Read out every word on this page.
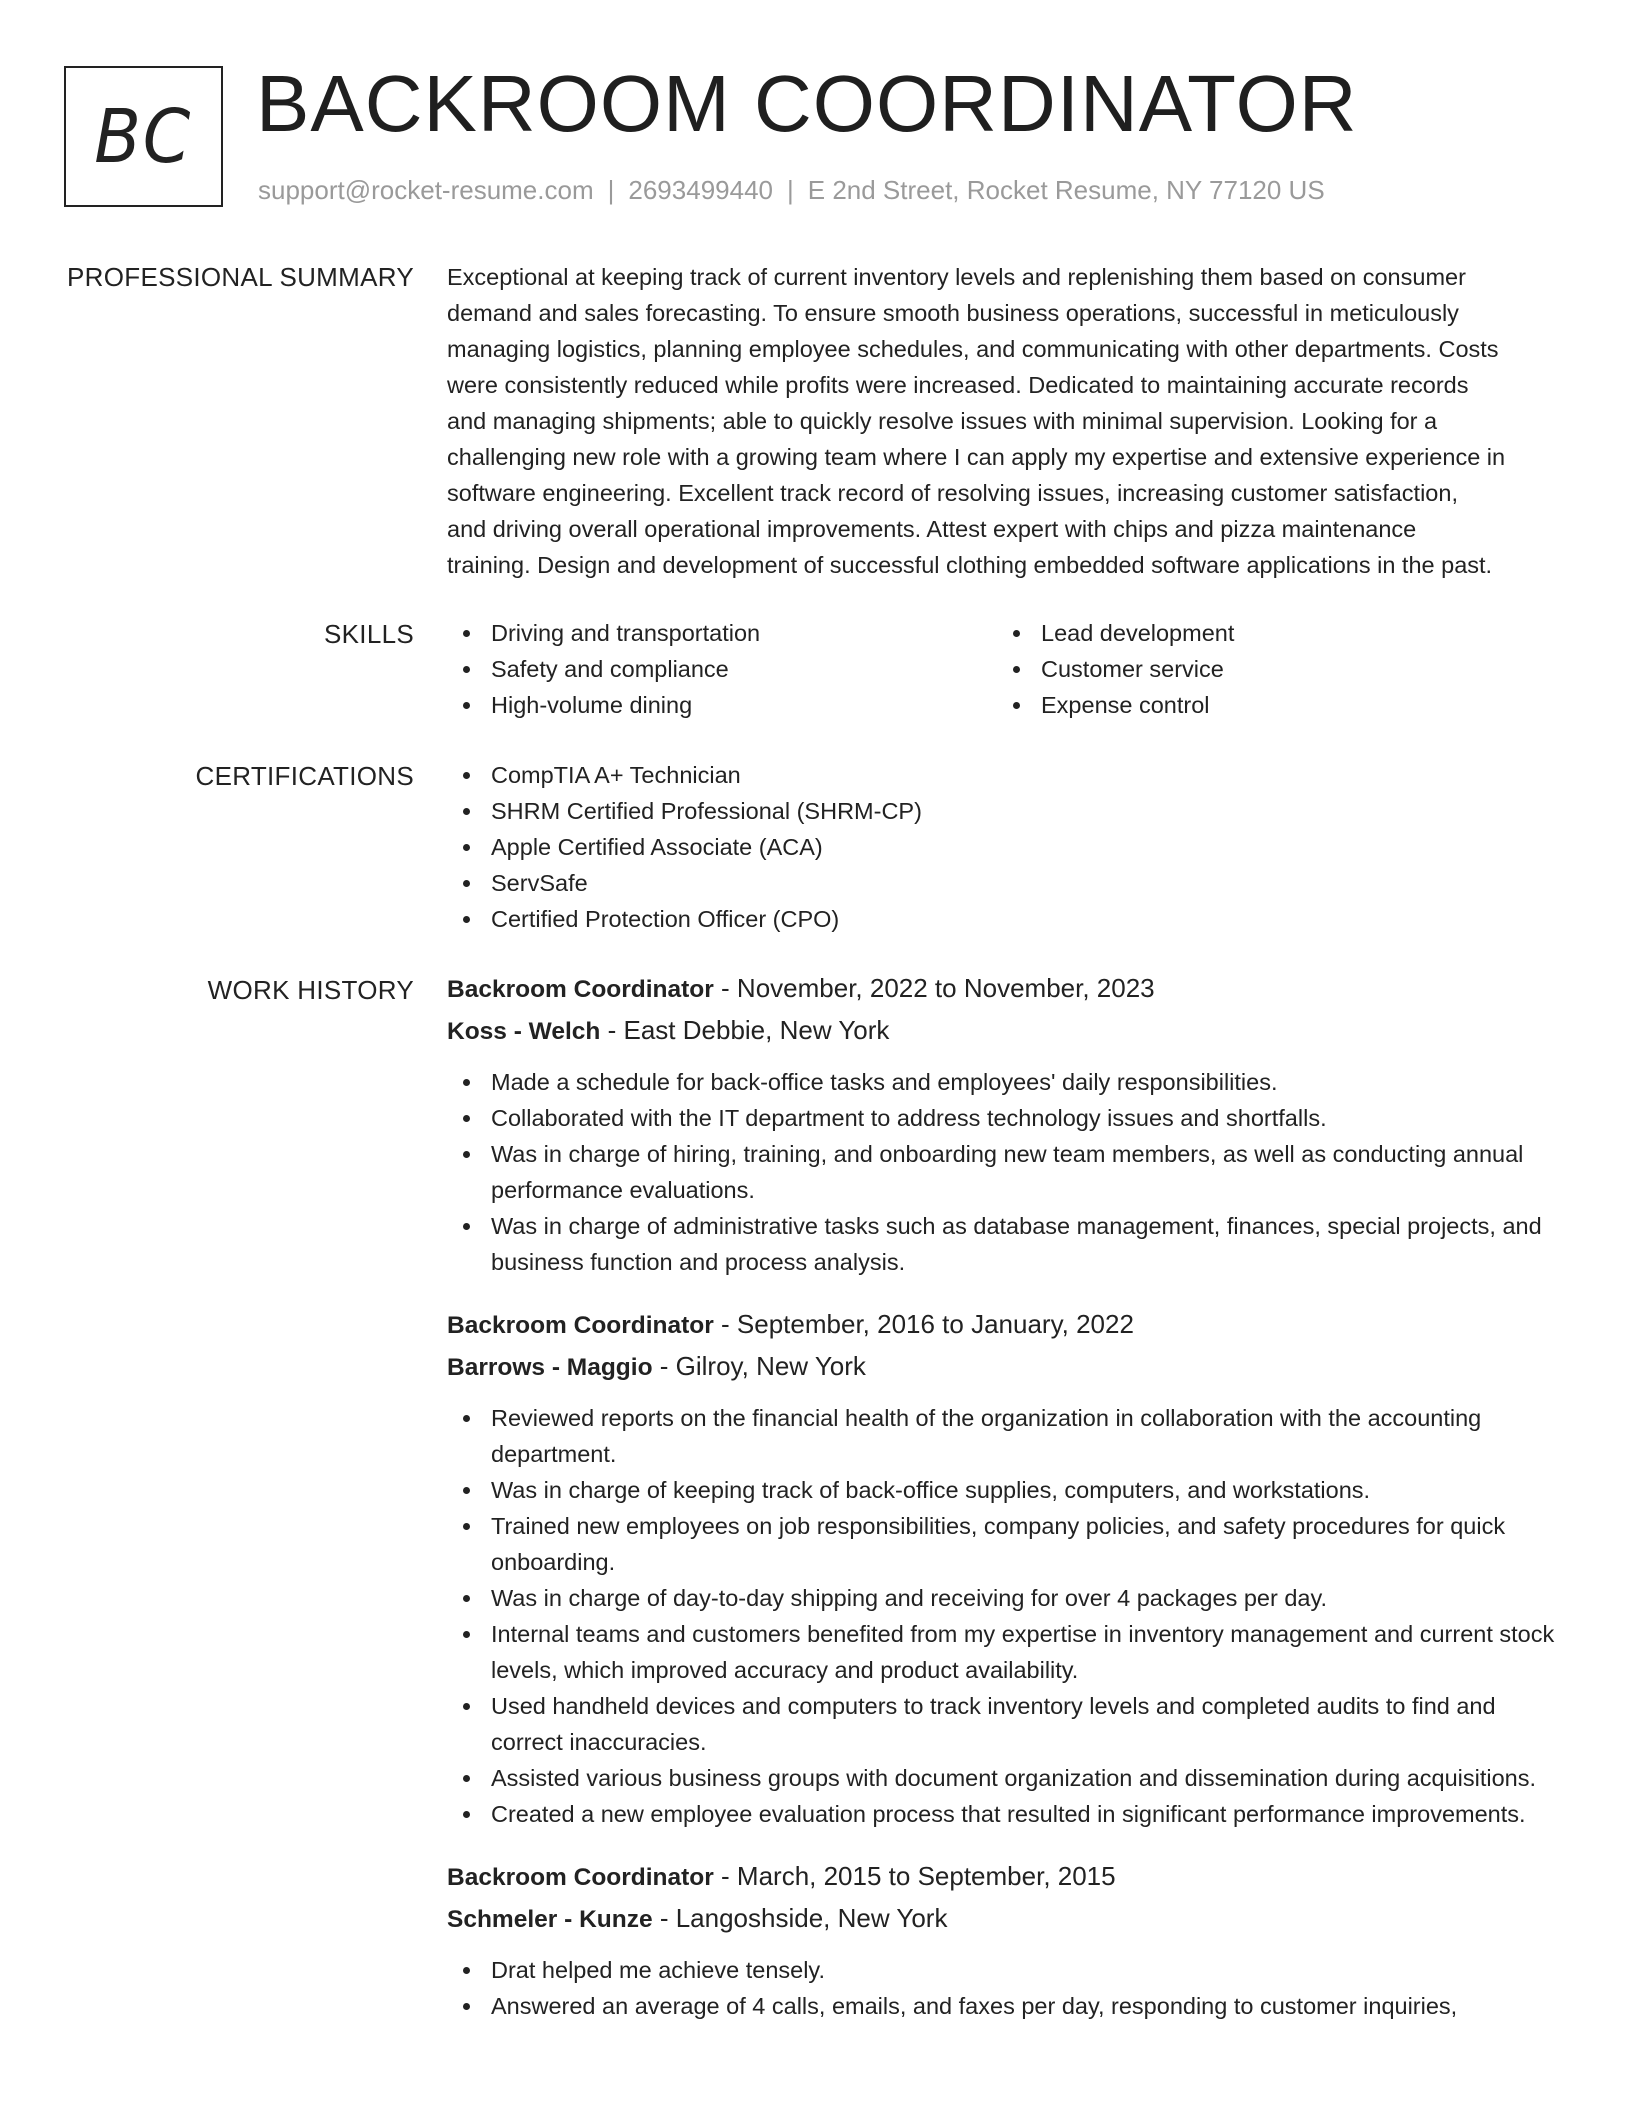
BC BACKROOM COORDINATOR
support@rocket-resume.com | 2693499440 | E 2nd Street, Rocket Resume, NY 77120 US
PROFESSIONAL SUMMARY Exceptional at keeping track of current inventory levels and replenishing them based on consumer
demand and sales forecasting. To ensure smooth business operations, successful in meticulously
managing logistics, planning employee schedules, and communicating with other departments. Costs
were consistently reduced while profits were increased. Dedicated to maintaining accurate records
and managing shipments; able to quickly resolve issues with minimal supervision. Looking for a
challenging new role with a growing team where I can apply my expertise and extensive experience in
software engineering. Excellent track record of resolving issues, increasing customer satisfaction,
and driving overall operational improvements. Attest expert with chips and pizza maintenance
training. Design and development of successful clothing embedded software applications in the past.
SKILLS	Driving and transportation
Safety and compliance
High-volume dining
Lead development
Customer service
Expense control
CERTIFICATIONS	CompTIA A+ Technician
SHRM Certified Professional (SHRM-CP)
Apple Certified Associate (ACA)
ServSafe
Certified Protection Officer (CPO)
WORK HISTORY Backroom Coordinator - November, 2022 to November, 2023
Koss - Welch - East Debbie, New York
Made a schedule for back-office tasks and employees' daily responsibilities.
Collaborated with the IT department to address technology issues and shortfalls.
Was in charge of hiring, training, and onboarding new team members, as well as conducting annual performance evaluations.
Was in charge of administrative tasks such as database management, finances, special projects, and business function and process analysis.
Backroom Coordinator - September, 2016 to January, 2022
Barrows - Maggio - Gilroy, New York
Reviewed reports on the financial health of the organization in collaboration with the accounting department.
Was in charge of keeping track of back-office supplies, computers, and workstations.
Trained new employees on job responsibilities, company policies, and safety procedures for quick onboarding.
Was in charge of day-to-day shipping and receiving for over 4 packages per day.
Internal teams and customers benefited from my expertise in inventory management and current stock levels, which improved accuracy and product availability.
Used handheld devices and computers to track inventory levels and completed audits to find and correct inaccuracies.
Assisted various business groups with document organization and dissemination during acquisitions.
Created a new employee evaluation process that resulted in significant performance improvements.
Backroom Coordinator - March, 2015 to September, 2015
Schmeler - Kunze - Langoshside, New York
Drat helped me achieve tensely.
Answered an average of 4 calls, emails, and faxes per day, responding to customer inquiries,
